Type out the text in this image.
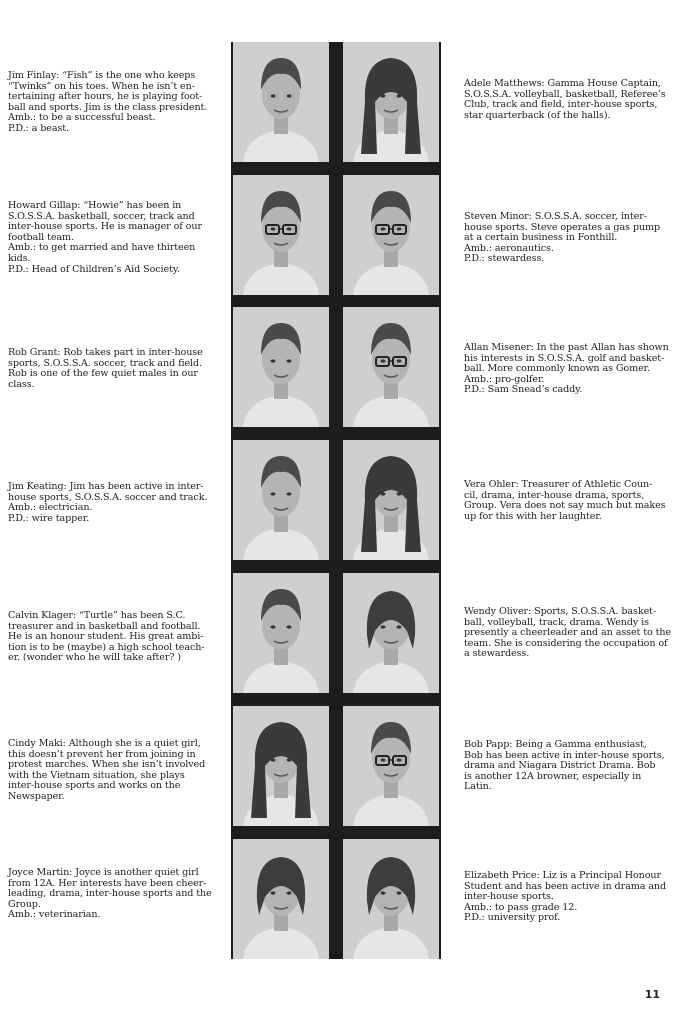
Jim Finlay: “Fish” is the one who keeps
“Twinks” on his toes. When he isn’t en-
tertaining after hours, he is playing foot-
ball and sports. Jim is the class president.
Amb.: to be a successful beast.
P.D.: a beast.
Howard Gillap: “Howie” has been in
S.O.S.S.A. basketball, soccer, track and
inter-house sports. He is manager of our
football team.
Amb.: to get married and have thirteen
kids.
P.D.: Head of Children’s Aid Society.
Rob Grant: Rob takes part in inter-house
sports, S.O.S.S.A. soccer, track and field.
Rob is one of the few quiet males in our
class.
Jim Keating: Jim has been active in inter-
house sports, S.O.S.S.A. soccer and track.
Amb.: electrician.
P.D.: wire tapper.
Calvin Klager: “Turtle” has been S.C.
treasurer and in basketball and football.
He is an honour student. His great ambi-
tion is to be (maybe) a high school teach-
er. (wonder who he will take after? )
Cindy Maki: Although she is a quiet girl,
this doesn’t prevent her from joining in
protest marches. When she isn’t involved
with the Vietnam situation, she plays
inter-house sports and works on the
Newspaper.
Joyce Martin: Joyce is another quiet girl
from 12A. Her interests have been cheer-
leading, drama, inter-house sports and the
Group.
Amb.: veterinarian.
Adele Matthews: Gamma House Captain,
S.O.S.S.A. volleyball, basketball, Referee’s
Club, track and field, inter-house sports,
star quarterback (of the halls).
Steven Minor: S.O.S.S.A. soccer, inter-
house sports. Steve operates a gas pump
at a certain business in Fonthill.
Amb.: aeronautics.
P.D.: stewardess.
Allan Misener: In the past Allan has shown
his interests in S.O.S.S.A. golf and basket-
ball. More commonly known as Gomer.
Amb.: pro-golfer.
P.D.: Sam Snead’s caddy.
Vera Ohler: Treasurer of Athletic Coun-
cil, drama, inter-house drama, sports,
Group. Vera does not say much but makes
up for this with her laughter.
Wendy Oliver: Sports, S.O.S.S.A. basket-
ball, volleyball, track, drama. Wendy is
presently a cheerleader and an asset to the
team. She is considering the occupation of
a stewardess.
Bob Papp: Being a Gamma enthusiast,
Bob has been active in inter-house sports,
drama and Niagara District Drama. Bob
is another 12A browner, especially in
Latin.
Elizabeth Price: Liz is a Principal Honour
Student and has been active in drama and
inter-house sports.
Amb.: to pass grade 12.
P.D.: university prof.
11
